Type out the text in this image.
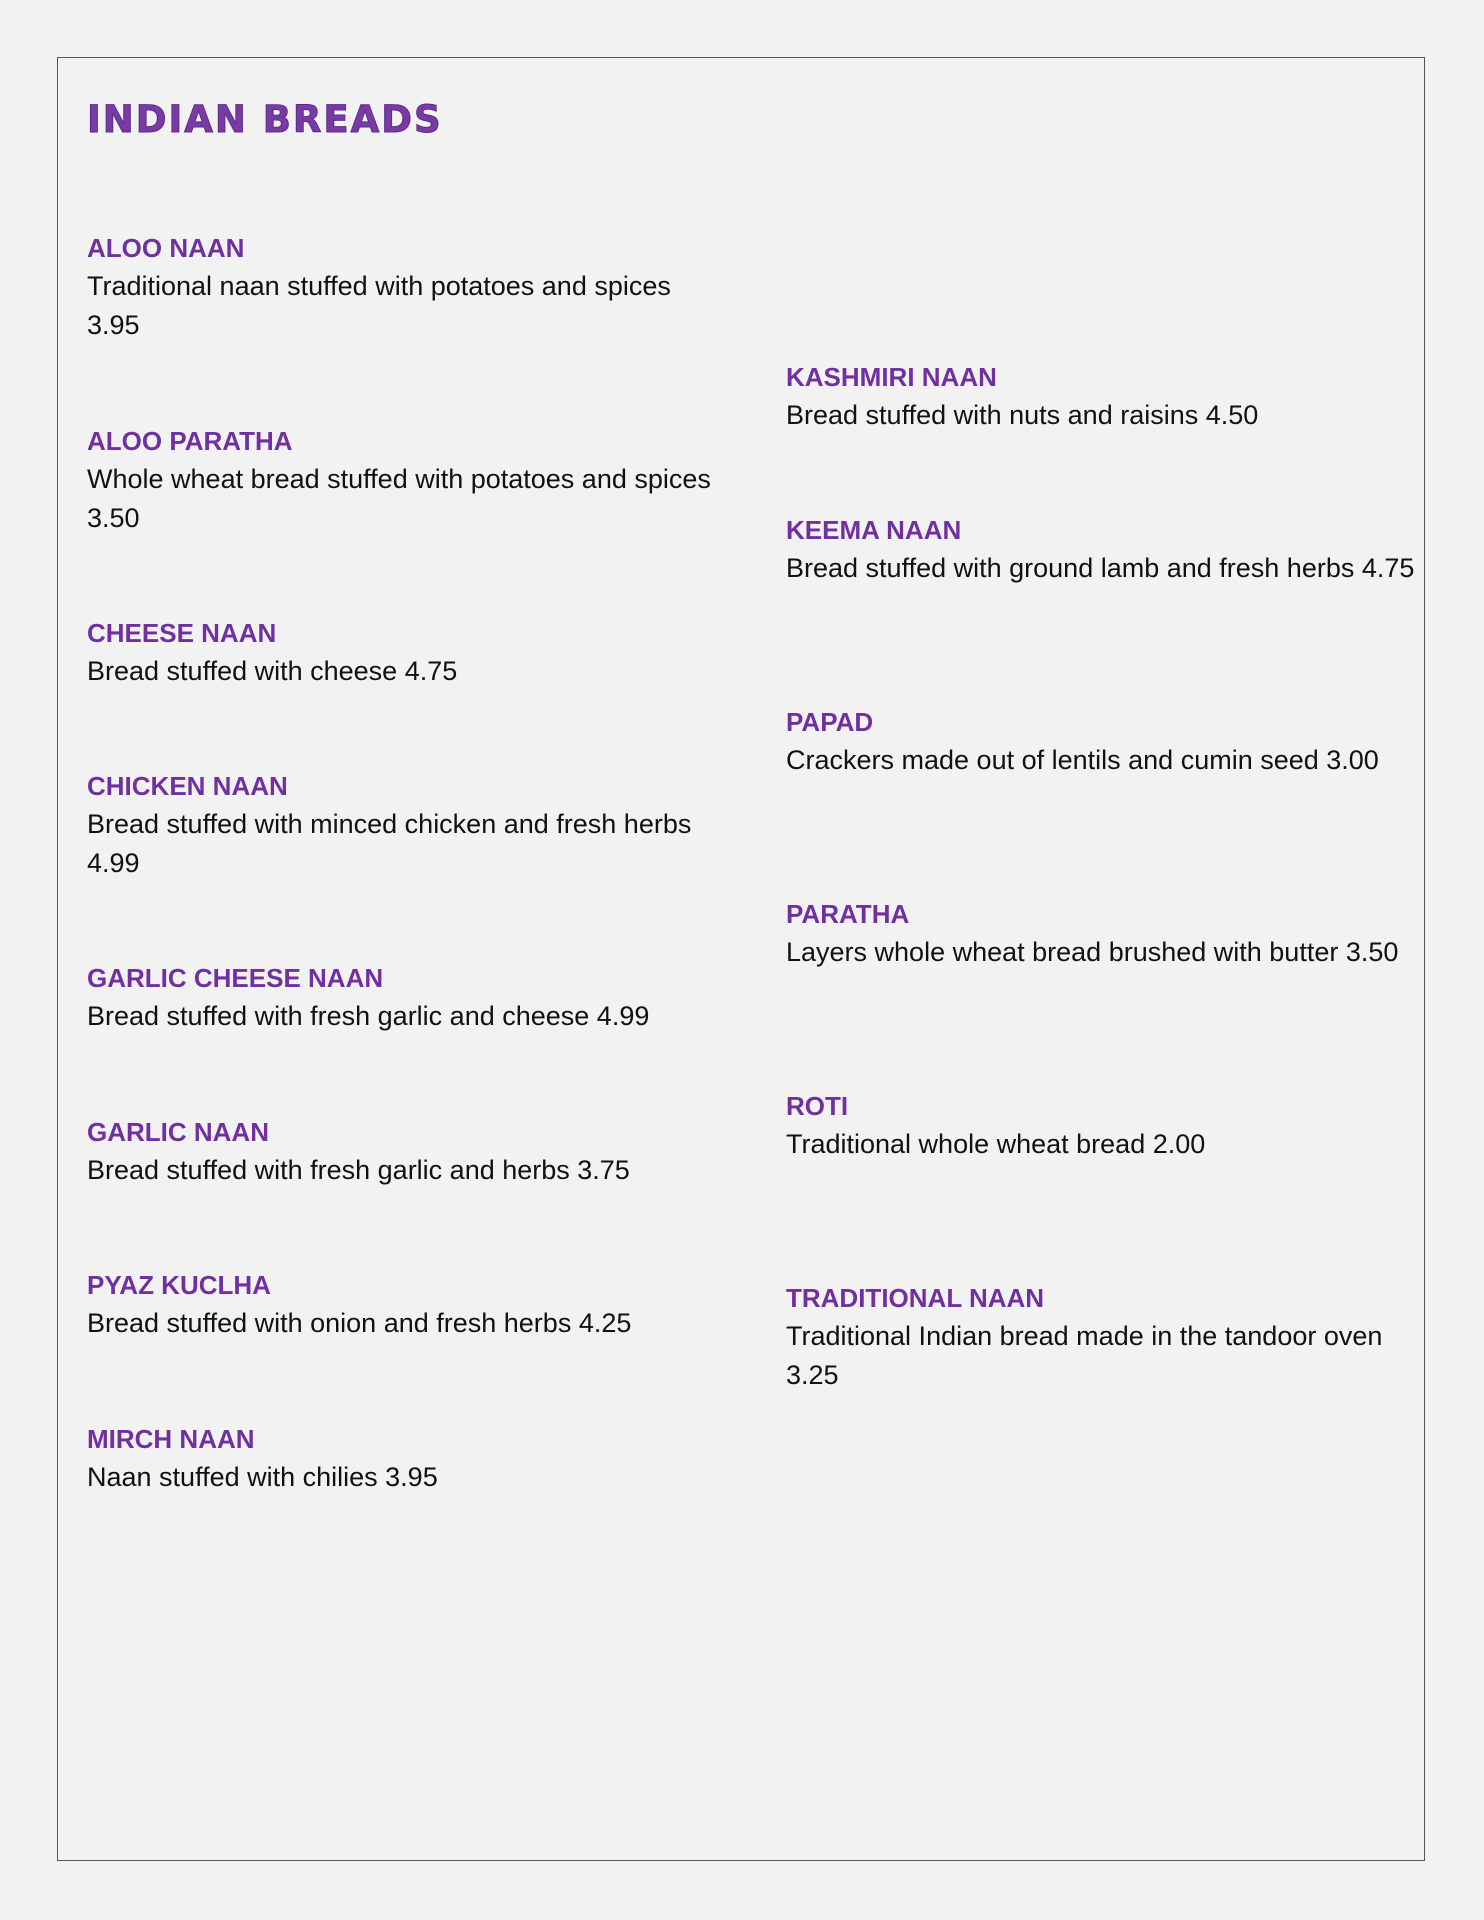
INDIAN BREADS

ALOO NAAN

Traditional naan stuffed with potatoes and spices 3.95

ALOO PARATHA

Whole wheat bread stuffed with potatoes and spices 3.50

CHEESE NAAN

Bread stuffed with cheese 4.75

CHICKEN NAAN

Bread stuffed with minced chicken and fresh herbs 4.99

GARLIC CHEESE NAAN

Bread stuffed with fresh garlic and cheese 4.99

GARLIC NAAN

Bread stuffed with fresh garlic and herbs 3.75

PYAZ KUCLHA

Bread stuffed with onion and fresh herbs 4.25

MIRCH NAAN

Naan stuffed with chilies 3.95

KASHMIRI NAAN

Bread stuffed with nuts and raisins 4.50

KEEMA NAAN

Bread stuffed with ground lamb and fresh herbs 4.75

PAPAD

Crackers made out of lentils and cumin seed 3.00

PARATHA

Layers whole wheat bread brushed with butter 3.50

ROTI

Traditional whole wheat bread 2.00

TRADITIONAL NAAN

Traditional Indian bread made in the tandoor oven 3.25
